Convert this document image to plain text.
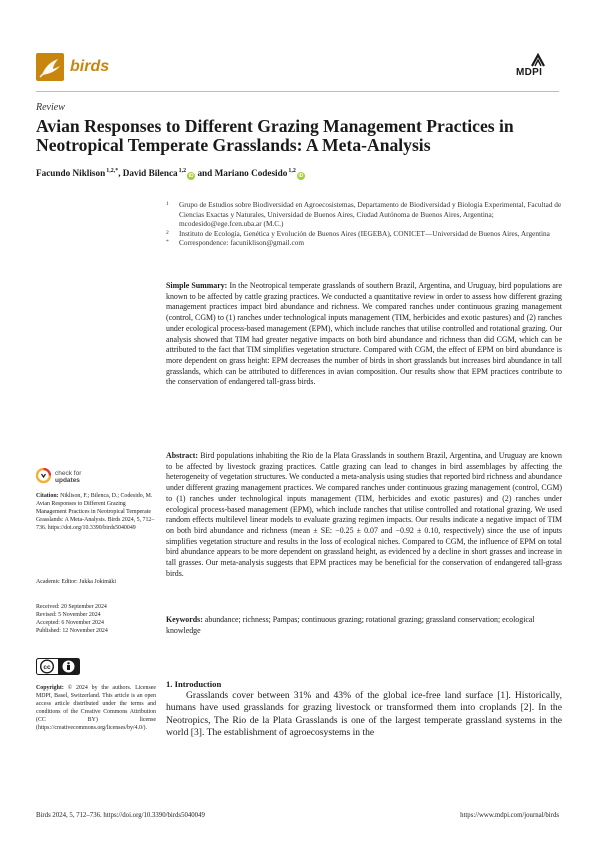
birds	MDPI
Review
Avian Responses to Different Grazing Management Practices in Neotropical Temperate Grasslands: A Meta-Analysis
Facundo Niklison$^{1,2,*}$, David Bilenca$^{1,2}$iD and Mariano Codesido$^{1,2}$iD
1	Grupo de Estudios sobre Biodiversidad en Agroecosistemas, Departamento de Biodiversidad y Biología Experimental, Facultad de Ciencias Exactas y Naturales, Universidad de Buenos Aires, Ciudad Autónoma de Buenos Aires, Argentina; mcodesido@ege.fcen.uba.ar (M.C.)
2	Instituto de Ecología, Genética y Evolución de Buenos Aires (IEGEBA), CONICET—Universidad de Buenos Aires, Argentina
*	Correspondence: facuniklison@gmail.com
Simple Summary: In the Neotropical temperate grasslands of southern Brazil, Argentina, and Uruguay, bird populations are known to be affected by cattle grazing practices. We conducted a quantitative review in order to assess how different grazing management practices impact bird abundance and richness. We compared ranches under continuous grazing management (control, CGM) to (1) ranches under technological inputs management (TIM, herbicides and exotic pastures) and (2) ranches under ecological process-based management (EPM), which include ranches that utilise controlled and rotational grazing. Our analysis showed that TIM had greater negative impacts on both bird abundance and richness than did CGM, which can be attributed to the fact that TIM simplifies vegetation structure. Compared with CGM, the effect of EPM on bird abundance is more dependent on grass height: EPM decreases the number of birds in short grasslands but increases bird abundance in tall grasslands, which can be attributed to differences in avian composition. Our results show that EPM practices contribute to the conservation of endangered tall-grass birds.
Abstract: Bird populations inhabiting the Rio de la Plata Grasslands in southern Brazil, Argentina, and Uruguay are known to be affected by livestock grazing practices. Cattle grazing can lead to changes in bird assemblages by affecting the heterogeneity of vegetation structures. We conducted a meta-analysis using studies that reported bird richness and abundance under different grazing management practices. We compared ranches under continuous grazing management (control, CGM) to (1) ranches under technological inputs management (TIM, herbicides and exotic pastures) and (2) ranches under ecological process-based management (EPM), which include ranches that utilise controlled and rotational grazing. We used random effects multilevel linear models to evaluate grazing regimen impacts. Our results indicate a negative impact of TIM on both bird abundance and richness (mean ± SE: −0.25 ± 0.07 and −0.92 ± 0.10, respectively) since the use of inputs simplifies vegetation structure and results in the loss of ecological niches. Compared to CGM, the influence of EPM on total bird abundance appears to be more dependent on grassland height, as evidenced by a decline in short grasses and increase in tall grasses. Our meta-analysis suggests that EPM practices may be beneficial for the conservation of endangered tall-grass birds.
Keywords: abundance; richness; Pampas; continuous grazing; rotational grazing; grassland conservation; ecological knowledge
check for
updates
Citation: Niklison, F.; Bilenca, D.; Codesido, M. Avian Responses to Different Grazing Management Practices in Neotropical Temperate Grasslands: A Meta-Analysis. Birds 2024, 5, 712–736. https://doi.org/10.3390/birds5040049
Academic Editor: Jukka Jokimäki
Received: 20 September 2024
Revised: 5 November 2024
Accepted: 6 November 2024
Published: 12 November 2024
cc
Copyright: © 2024 by the authors. Licensee MDPI, Basel, Switzerland. This article is an open access article distributed under the terms and conditions of the Creative Commons Attribution (CC BY) license (https://creativecommons.org/licenses/by/4.0/).
1. Introduction

Grasslands cover between 31% and 43% of the global ice-free land surface [1]. Historically, humans have used grasslands for grazing livestock or transformed them into croplands [2]. In the Neotropics, The Rio de la Plata Grasslands is one of the largest temperate grassland systems in the world [3]. The establishment of agroecosystems in the

Birds 2024, 5, 712–736. https://doi.org/10.3390/birds5040049	https://www.mdpi.com/journal/birds
